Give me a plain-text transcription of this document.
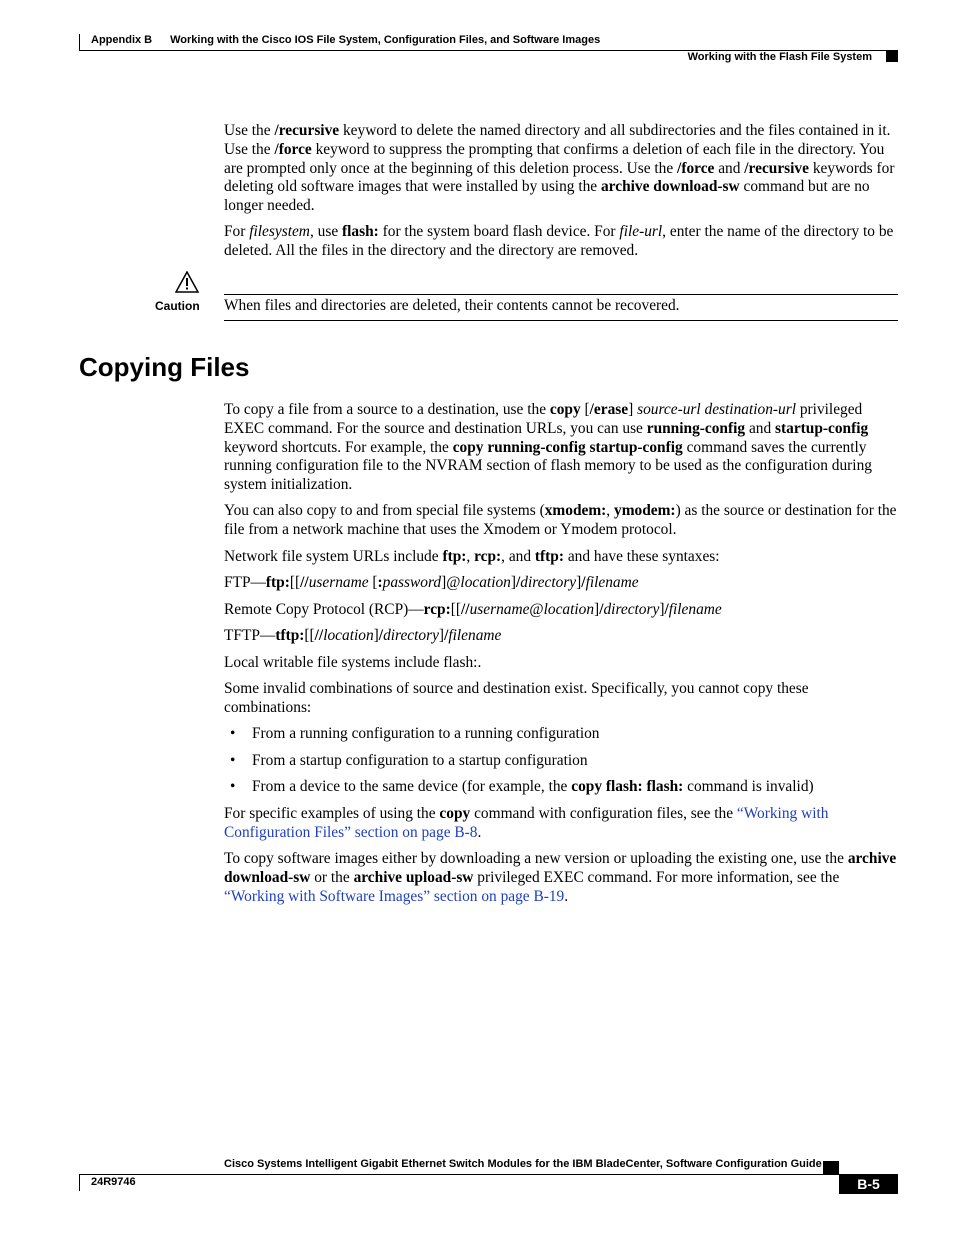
Appendix B Working with the Cisco IOS File System, Configuration Files, and Software Images
Working with the Flash File System
Use the /recursive keyword to delete the named directory and all subdirectories and the files contained in it. Use the /force keyword to suppress the prompting that confirms a deletion of each file in the directory. You are prompted only once at the beginning of this deletion process. Use the /force and /recursive keywords for deleting old software images that were installed by using the archive download-sw command but are no longer needed.
For filesystem, use flash: for the system board flash device. For file-url, enter the name of the directory to be deleted. All the files in the directory and the directory are removed.
Caution When files and directories are deleted, their contents cannot be recovered.
Copying Files
To copy a file from a source to a destination, use the copy [/erase] source-url destination-url privileged EXEC command. For the source and destination URLs, you can use running-config and startup-config keyword shortcuts. For example, the copy running-config startup-config command saves the currently running configuration file to the NVRAM section of flash memory to be used as the configuration during system initialization.
You can also copy to and from special file systems (xmodem:, ymodem:) as the source or destination for the file from a network machine that uses the Xmodem or Ymodem protocol.
Network file system URLs include ftp:, rcp:, and tftp: and have these syntaxes:
FTP—ftp:[[//username [:password]@location]/directory]/filename
Remote Copy Protocol (RCP)—rcp:[[//username@location]/directory]/filename
TFTP—tftp:[[//location]/directory]/filename
Local writable file systems include flash:.
Some invalid combinations of source and destination exist. Specifically, you cannot copy these combinations:
• From a running configuration to a running configuration
• From a startup configuration to a startup configuration
• From a device to the same device (for example, the copy flash: flash: command is invalid)
For specific examples of using the copy command with configuration files, see the “Working with Configuration Files” section on page B-8.
To copy software images either by downloading a new version or uploading the existing one, use the archive download-sw or the archive upload-sw privileged EXEC command. For more information, see the “Working with Software Images” section on page B-19.
Cisco Systems Intelligent Gigabit Ethernet Switch Modules for the IBM BladeCenter, Software Configuration Guide
24R9746	B-5
